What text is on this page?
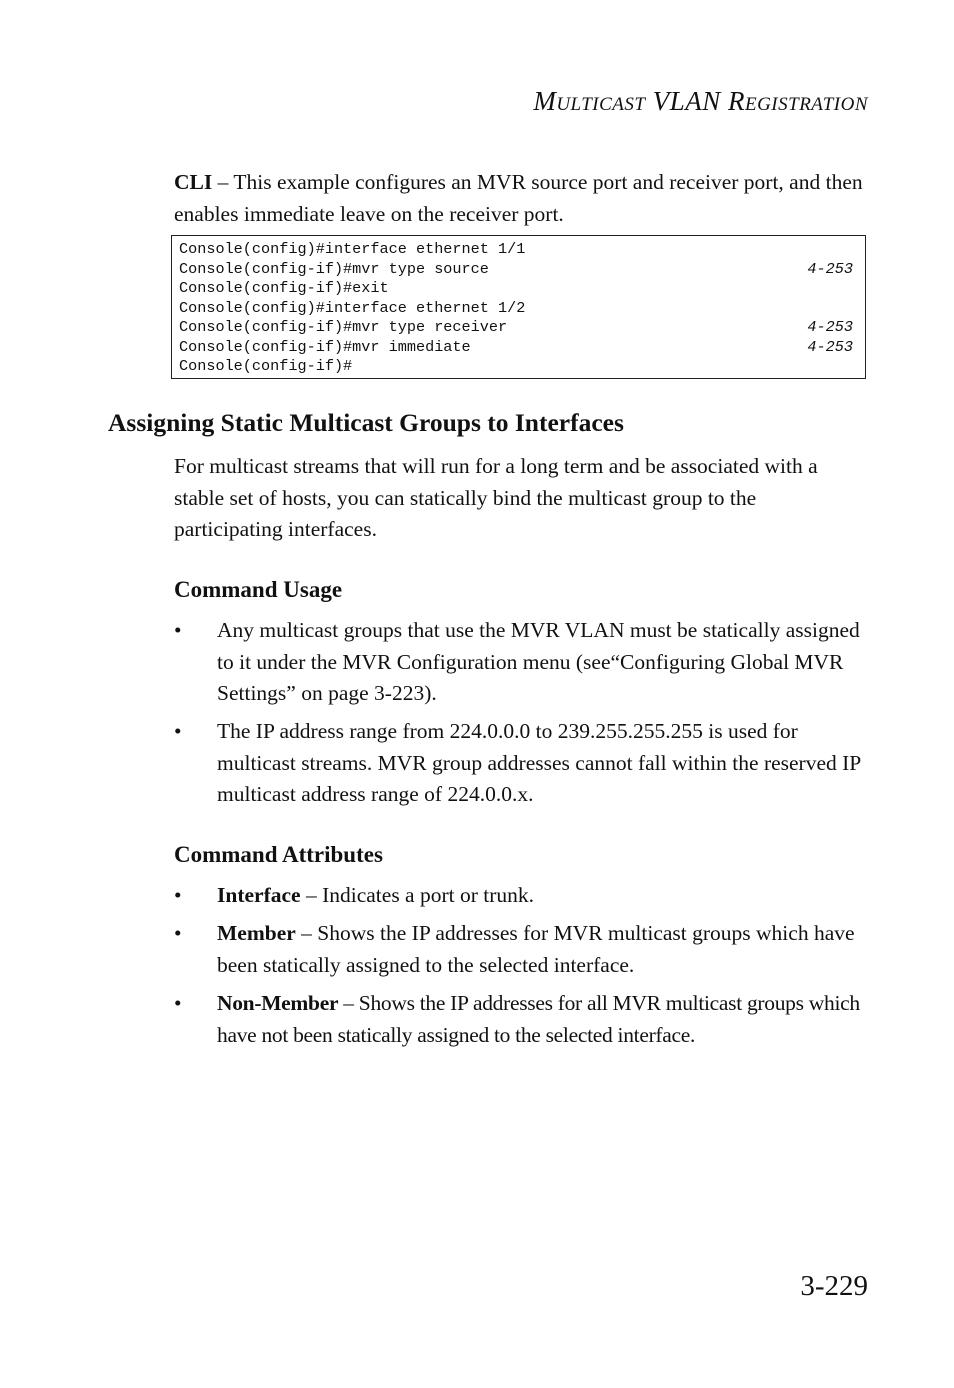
Multicast VLAN Registration
CLI – This example configures an MVR source port and receiver port, and then enables immediate leave on the receiver port.
Console(config)#interface ethernet 1/1
Console(config-if)#mvr type source	4-253
Console(config-if)#exit
Console(config)#interface ethernet 1/2
Console(config-if)#mvr type receiver	4-253
Console(config-if)#mvr immediate	4-253
Console(config-if)#
Assigning Static Multicast Groups to Interfaces
For multicast streams that will run for a long term and be associated with a stable set of hosts, you can statically bind the multicast group to the participating interfaces.
Command Usage
• Any multicast groups that use the MVR VLAN must be statically assigned to it under the MVR Configuration menu (see“Configuring Global MVR Settings” on page 3-223).
• The IP address range from 224.0.0.0 to 239.255.255.255 is used for multicast streams. MVR group addresses cannot fall within the reserved IP multicast address range of 224.0.0.x.
Command Attributes
• Interface – Indicates a port or trunk.
• Member – Shows the IP addresses for MVR multicast groups which have been statically assigned to the selected interface.
• Non-Member – Shows the IP addresses for all MVR multicast groups which have not been statically assigned to the selected interface.
3-229
